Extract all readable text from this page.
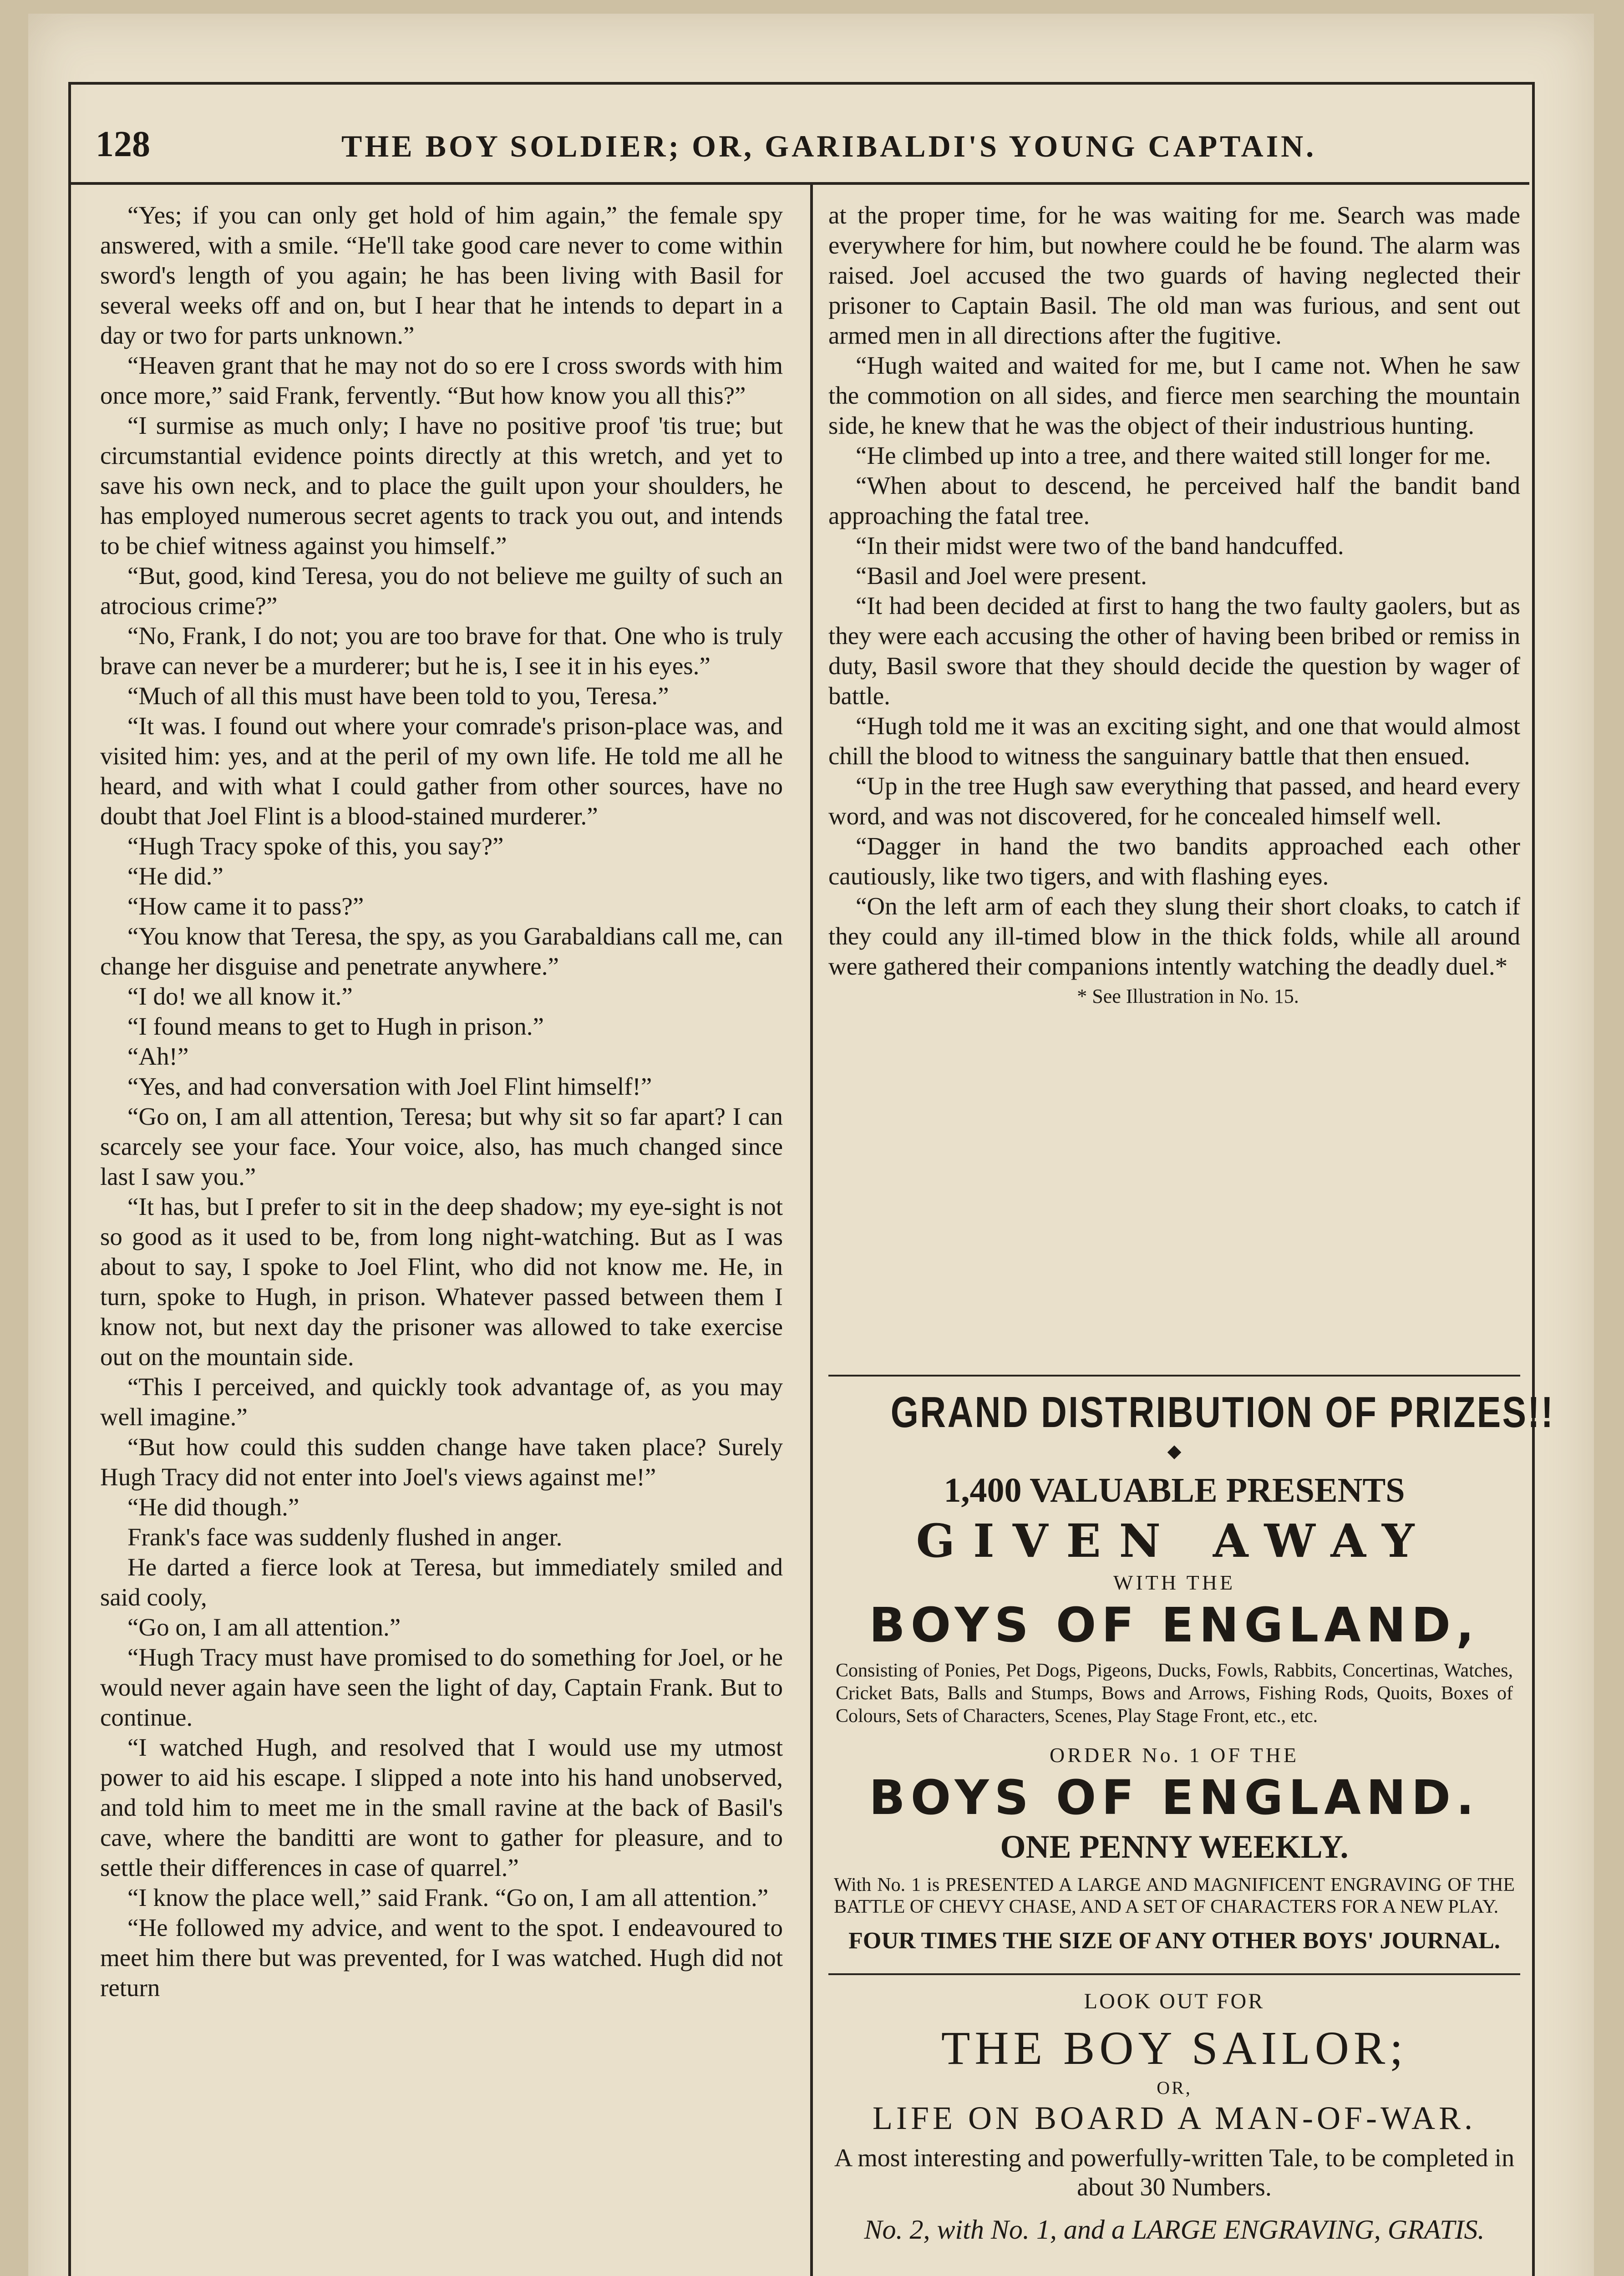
128	THE BOY SOLDIER; OR, GARIBALDI'S YOUNG CAPTAIN.

“Yes; if you can only get hold of him again,” the female spy answered, with a smile. “He'll take good care never to come within sword's length of you again; he has been living with Basil for several weeks off and on, but I hear that he intends to depart in a day or two for parts unknown.”

“Heaven grant that he may not do so ere I cross swords with him once more,” said Frank, fervently. “But how know you all this?”

“I surmise as much only; I have no positive proof 'tis true; but circumstantial evidence points directly at this wretch, and yet to save his own neck, and to place the guilt upon your shoulders, he has employed numerous secret agents to track you out, and intends to be chief witness against you himself.”

“But, good, kind Teresa, you do not believe me guilty of such an atrocious crime?”

“No, Frank, I do not; you are too brave for that. One who is truly brave can never be a murderer; but he is, I see it in his eyes.”

“Much of all this must have been told to you, Teresa.”

“It was. I found out where your comrade's prison-place was, and visited him: yes, and at the peril of my own life. He told me all he heard, and with what I could gather from other sources, have no doubt that Joel Flint is a blood-stained murderer.”

“Hugh Tracy spoke of this, you say?”

“He did.”

“How came it to pass?”

“You know that Teresa, the spy, as you Garabaldians call me, can change her disguise and penetrate anywhere.”

“I do! we all know it.”

“I found means to get to Hugh in prison.”

“Ah!”

“Yes, and had conversation with Joel Flint himself!”

“Go on, I am all attention, Teresa; but why sit so far apart? I can scarcely see your face. Your voice, also, has much changed since last I saw you.”

“It has, but I prefer to sit in the deep shadow; my eye-sight is not so good as it used to be, from long night-watching. But as I was about to say, I spoke to Joel Flint, who did not know me. He, in turn, spoke to Hugh, in prison. Whatever passed between them I know not, but next day the prisoner was allowed to take exercise out on the mountain side.

“This I perceived, and quickly took advantage of, as you may well imagine.”

“But how could this sudden change have taken place? Surely Hugh Tracy did not enter into Joel's views against me!”

“He did though.”

Frank's face was suddenly flushed in anger.

He darted a fierce look at Teresa, but immediately smiled and said cooly,

“Go on, I am all attention.”

“Hugh Tracy must have promised to do something for Joel, or he would never again have seen the light of day, Captain Frank. But to continue.

“I watched Hugh, and resolved that I would use my utmost power to aid his escape. I slipped a note into his hand unobserved, and told him to meet me in the small ravine at the back of Basil's cave, where the banditti are wont to gather for pleasure, and to settle their differences in case of quarrel.”

“I know the place well,” said Frank. “Go on, I am all attention.”

“He followed my advice, and went to the spot. I endeavoured to meet him there but was prevented, for I was watched. Hugh did not return

at the proper time, for he was waiting for me. Search was made everywhere for him, but nowhere could he be found. The alarm was raised. Joel accused the two guards of having neglected their prisoner to Captain Basil. The old man was furious, and sent out armed men in all directions after the fugitive.

“Hugh waited and waited for me, but I came not. When he saw the commotion on all sides, and fierce men searching the mountain side, he knew that he was the object of their industrious hunting.

“He climbed up into a tree, and there waited still longer for me.

“When about to descend, he perceived half the bandit band approaching the fatal tree.

“In their midst were two of the band handcuffed.

“Basil and Joel were present.

“It had been decided at first to hang the two faulty gaolers, but as they were each accusing the other of having been bribed or remiss in duty, Basil swore that they should decide the question by wager of battle.

“Hugh told me it was an exciting sight, and one that would almost chill the blood to witness the sanguinary battle that then ensued.

“Up in the tree Hugh saw everything that passed, and heard every word, and was not discovered, for he concealed himself well.

“Dagger in hand the two bandits approached each other cautiously, like two tigers, and with flashing eyes.

“On the left arm of each they slung their short cloaks, to catch if they could any ill-timed blow in the thick folds, while all around were gathered their companions intently watching the deadly duel.*

* See Illustration in No. 15.

GRAND DISTRIBUTION OF PRIZES!!
◆
1,400 VALUABLE PRESENTS
GIVEN AWAY
WITH THE
BOYS OF ENGLAND,
Consisting of Ponies, Pet Dogs, Pigeons, Ducks, Fowls, Rabbits, Concertinas, Watches, Cricket Bats, Balls and Stumps, Bows and Arrows, Fishing Rods, Quoits, Boxes of Colours, Sets of Characters, Scenes, Play Stage Front, etc., etc.
ORDER No. 1 OF THE
BOYS OF ENGLAND.
ONE PENNY WEEKLY.
With No. 1 is PRESENTED A LARGE AND MAGNIFICENT ENGRAVING OF THE BATTLE OF CHEVY CHASE, AND A SET OF CHARACTERS FOR A NEW PLAY.
FOUR TIMES THE SIZE OF ANY OTHER BOYS' JOURNAL.
LOOK OUT FOR
THE BOY SAILOR;
OR,
LIFE ON BOARD A MAN-OF-WAR.
A most interesting and powerfully-written Tale, to be completed in about 30 Numbers.
No. 2, with No. 1, and a LARGE ENGRAVING, GRATIS.
